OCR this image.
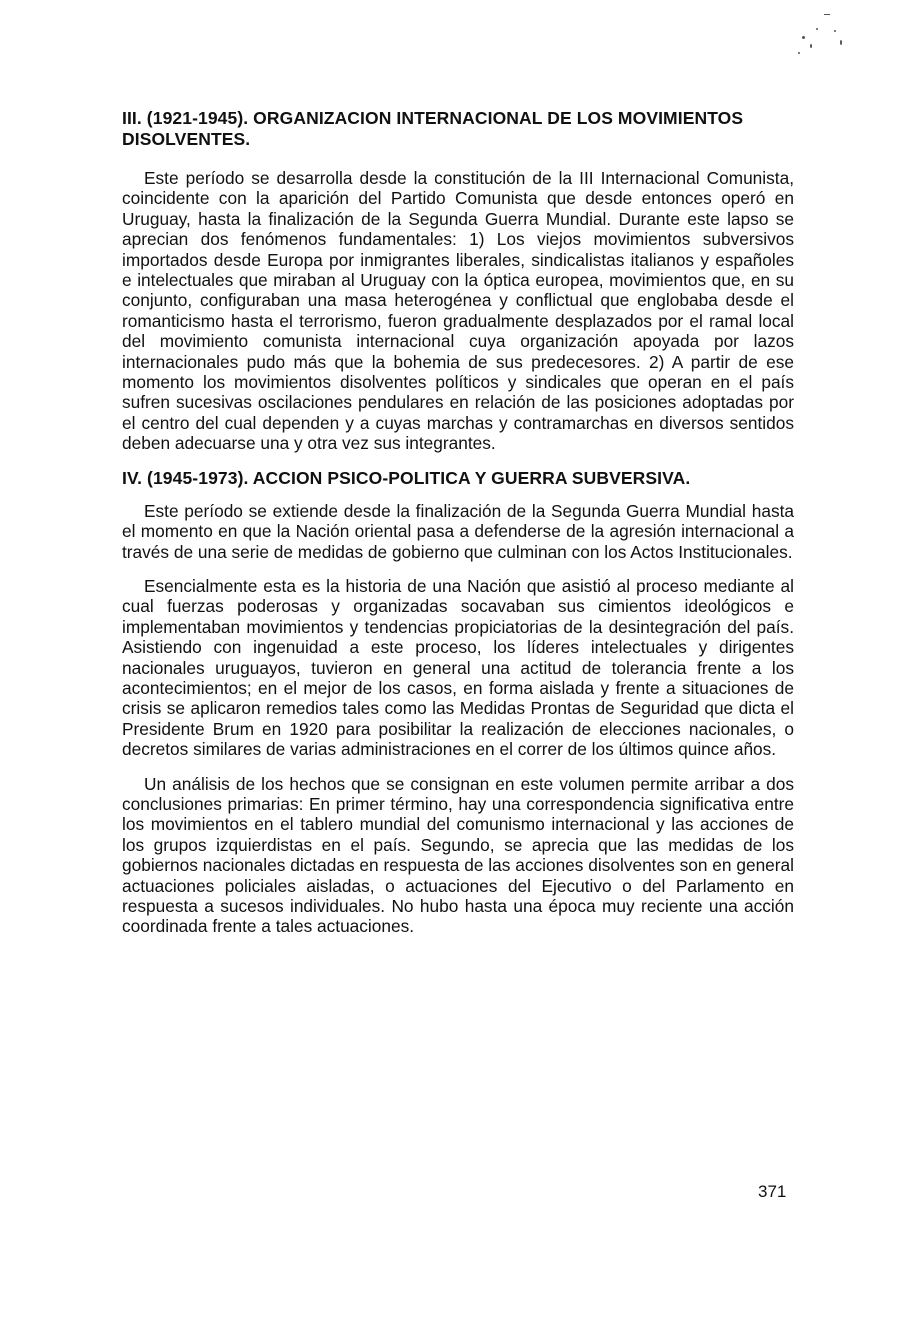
III. (1921-1945). ORGANIZACION INTERNACIONAL DE LOS MOVIMIENTOS DISOLVENTES.

Este período se desarrolla desde la constitución de la III Internacional Comunista, coincidente con la aparición del Partido Comunista que desde entonces operó en Uruguay, hasta la finalización de la Segunda Guerra Mundial. Durante este lapso se aprecian dos fenómenos fundamentales: 1) Los viejos movimientos subversivos importados desde Europa por inmigrantes liberales, sindicalistas italianos y españoles e intelectuales que miraban al Uruguay con la óptica europea, movimientos que, en su conjunto, configuraban una masa heterogénea y conflictual que englobaba desde el romanticismo hasta el terrorismo, fueron gradualmente desplazados por el ramal local del movimiento comunista internacional cuya organización apoyada por lazos internacionales pudo más que la bohemia de sus predecesores. 2) A partir de ese momento los movimientos disolventes políticos y sindicales que operan en el país sufren sucesivas oscilaciones pendulares en relación de las posiciones adoptadas por el centro del cual dependen y a cuyas marchas y contramarchas en diversos sentidos deben adecuarse una y otra vez sus integrantes.

IV. (1945-1973). ACCION PSICO-POLITICA Y GUERRA SUBVERSIVA.

Este período se extiende desde la finalización de la Segunda Guerra Mundial hasta el momento en que la Nación oriental pasa a defenderse de la agresión internacional a través de una serie de medidas de gobierno que culminan con los Actos Institucionales.

Esencialmente esta es la historia de una Nación que asistió al proceso mediante al cual fuerzas poderosas y organizadas socavaban sus cimientos ideológicos e implementaban movimientos y tendencias propiciatorias de la desintegración del país. Asistiendo con ingenuidad a este proceso, los líderes intelectuales y dirigentes nacionales uruguayos, tuvieron en general una actitud de tolerancia frente a los acontecimientos; en el mejor de los casos, en forma aislada y frente a situaciones de crisis se aplicaron remedios tales como las Medidas Prontas de Seguridad que dicta el Presidente Brum en 1920 para posibilitar la realización de elecciones nacionales, o decretos similares de varias administraciones en el correr de los últimos quince años.

Un análisis de los hechos que se consignan en este volumen permite arribar a dos conclusiones primarias: En primer término, hay una correspondencia significativa entre los movimientos en el tablero mundial del comunismo internacional y las acciones de los grupos izquierdistas en el país. Segundo, se aprecia que las medidas de los gobiernos nacionales dictadas en respuesta de las acciones disolventes son en general actuaciones policiales aisladas, o actuaciones del Ejecutivo o del Parlamento en respuesta a sucesos individuales. No hubo hasta una época muy reciente una acción coordinada frente a tales actuaciones.

371
